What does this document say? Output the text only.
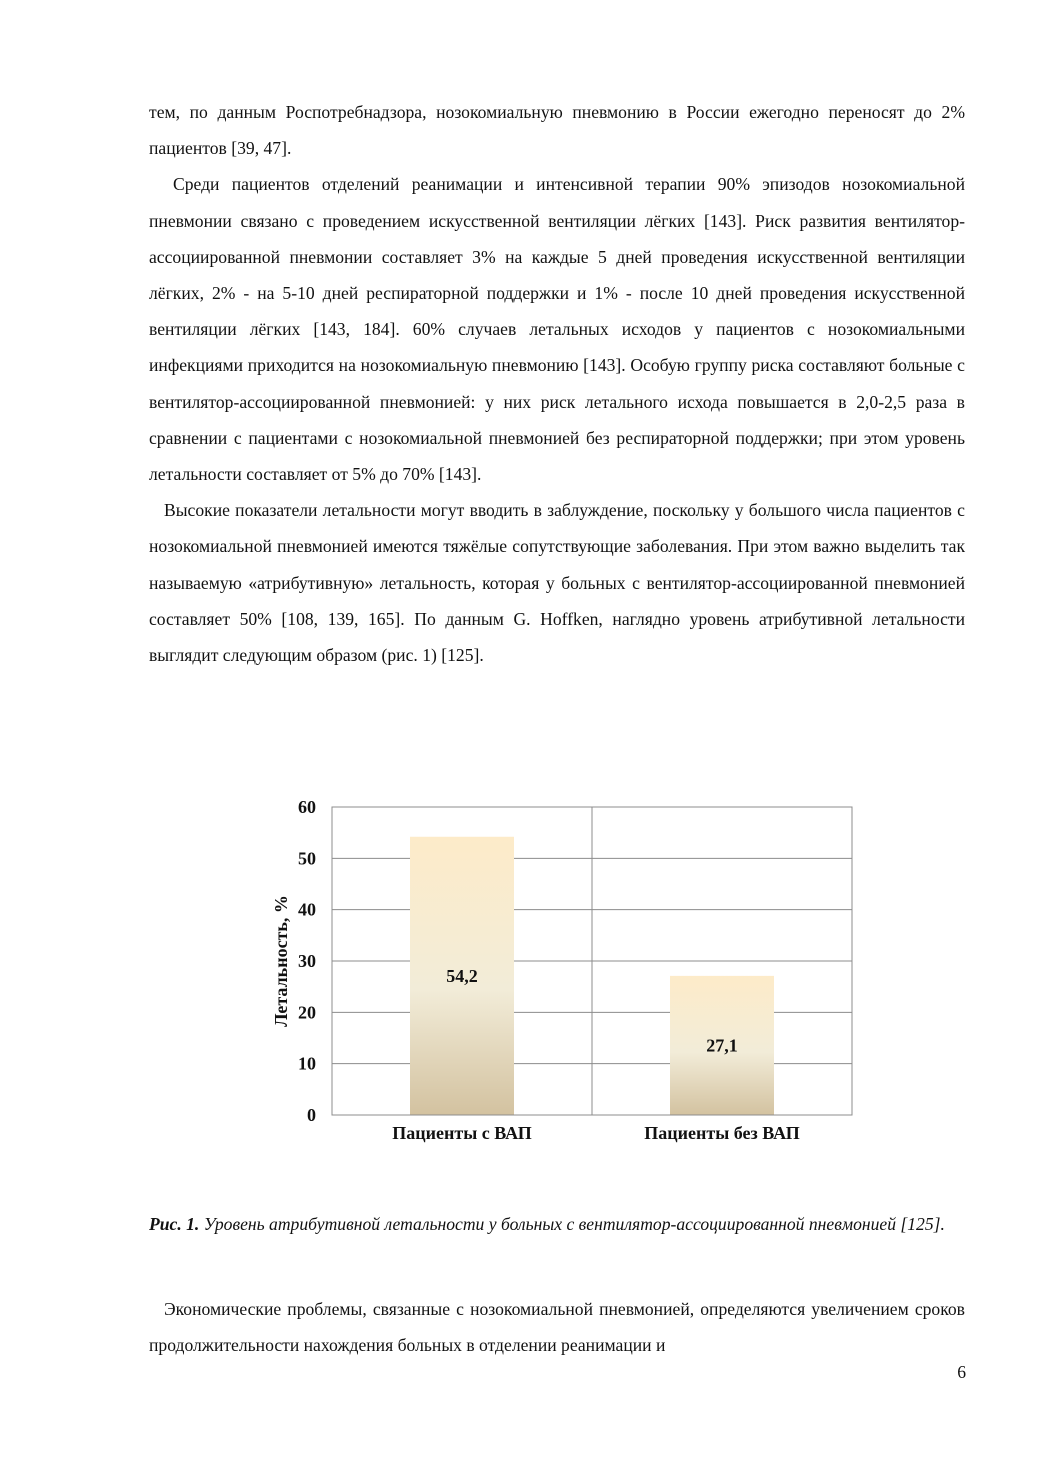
тем, по данным Роспотребнадзора, нозокомиальную пневмонию в России ежегодно переносят до 2% пациентов [39, 47].

Среди пациентов отделений реанимации и интенсивной терапии 90% эпизодов нозокомиальной пневмонии связано с проведением искусственной вентиляции лёгких [143]. Риск развития вентилятор-ассоциированной пневмонии составляет 3% на каждые 5 дней проведения искусственной вентиляции лёгких, 2% - на 5-10 дней респираторной поддержки и 1% - после 10 дней проведения искусственной вентиляции лёгких [143, 184]. 60% случаев летальных исходов у пациентов с нозокомиальными инфекциями приходится на нозокомиальную пневмонию [143]. Особую группу риска составляют больные с вентилятор-ассоциированной пневмонией: у них риск летального исхода повышается в 2,0-2,5 раза в сравнении с пациентами с нозокомиальной пневмонией без респираторной поддержки; при этом уровень летальности составляет от 5% до 70% [143].

Высокие показатели летальности могут вводить в заблуждение, поскольку у большого числа пациентов с нозокомиальной пневмонией имеются тяжёлые сопутствующие заболевания. При этом важно выделить так называемую «атрибутивную» летальность, которая у больных с вентилятор-ассоциированной пневмонией составляет 50% [108, 139, 165]. По данным G. Hoffken, наглядно уровень атрибутивной летальности выглядит следующим образом (рис. 1) [125].

0
10
20
30
40
50
60
Пациенты с ВАП	Пациенты без ВАП
54,2
27,1
Летальность, %

Рис. 1. Уровень атрибутивной летальности у больных с вентилятор-ассоциированной пневмонией [125].

Экономические проблемы, связанные с нозокомиальной пневмонией, определяются увеличением сроков продолжительности нахождения больных в отделении реанимации и

6
